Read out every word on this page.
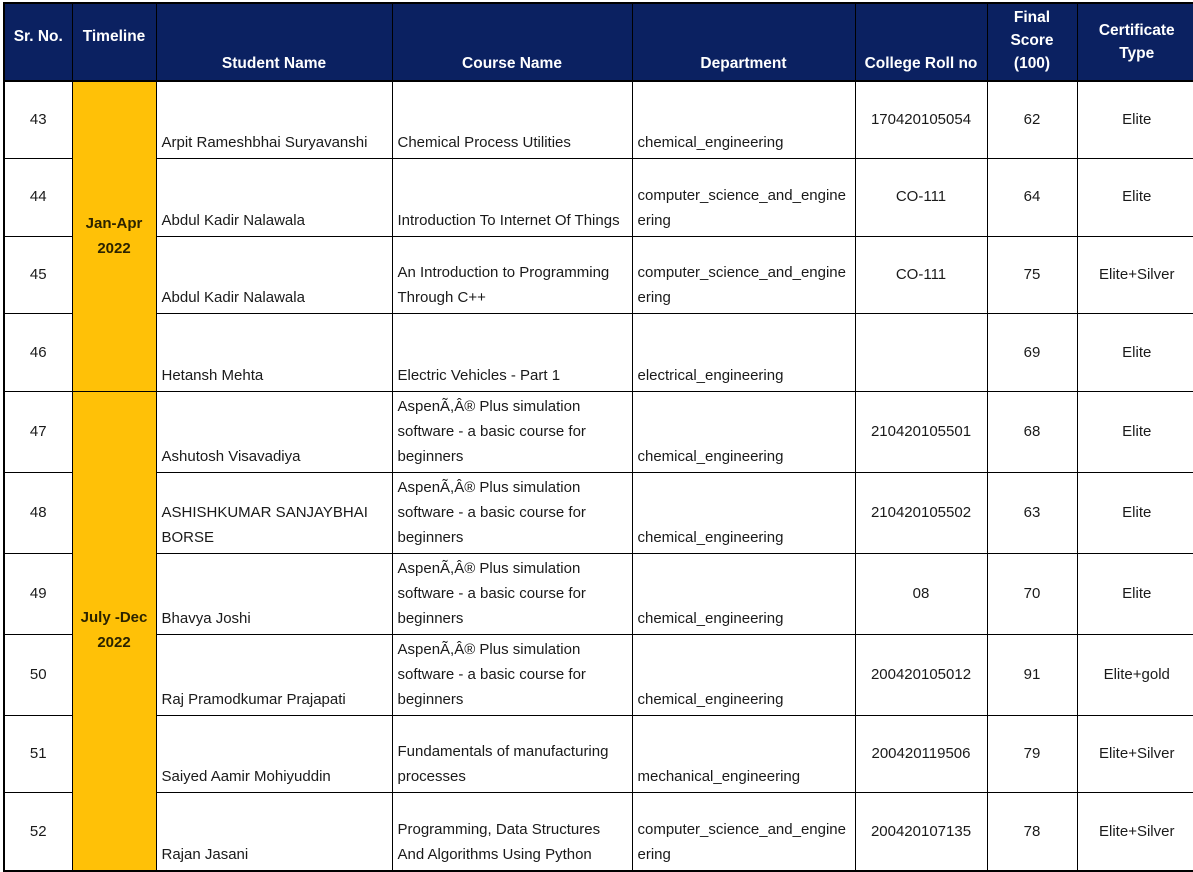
Sr. No.	Timeline	Student Name	Course Name	Department	College Roll no	Final Score (100)	Certificate Type
43	Jan-Apr 2022	Arpit Rameshbhai Suryavanshi	Chemical Process Utilities	chemical_engineering	170420105054	62	Elite
44		Abdul Kadir Nalawala	Introduction To Internet Of Things	computer_science_and_engineering	CO-111	64	Elite
45		Abdul Kadir Nalawala	An Introduction to Programming Through C++	computer_science_and_engineering	CO-111	75	Elite+Silver
46		Hetansh Mehta	Electric Vehicles - Part 1	electrical_engineering		69	Elite
47	July -Dec 2022	Ashutosh Visavadiya	AspenÃ,Â® Plus simulation software - a basic course for beginners	chemical_engineering	210420105501	68	Elite
48		ASHISHKUMAR SANJAYBHAI BORSE	AspenÃ,Â® Plus simulation software - a basic course for beginners	chemical_engineering	210420105502	63	Elite
49		Bhavya Joshi	AspenÃ,Â® Plus simulation software - a basic course for beginners	chemical_engineering	08	70	Elite
50		Raj Pramodkumar Prajapati	AspenÃ,Â® Plus simulation software - a basic course for beginners	chemical_engineering	200420105012	91	Elite+gold
51		Saiyed Aamir Mohiyuddin	Fundamentals of manufacturing processes	mechanical_engineering	200420119506	79	Elite+Silver
52		Rajan Jasani	Programming, Data Structures And Algorithms Using Python	computer_science_and_engineering	200420107135	78	Elite+Silver
